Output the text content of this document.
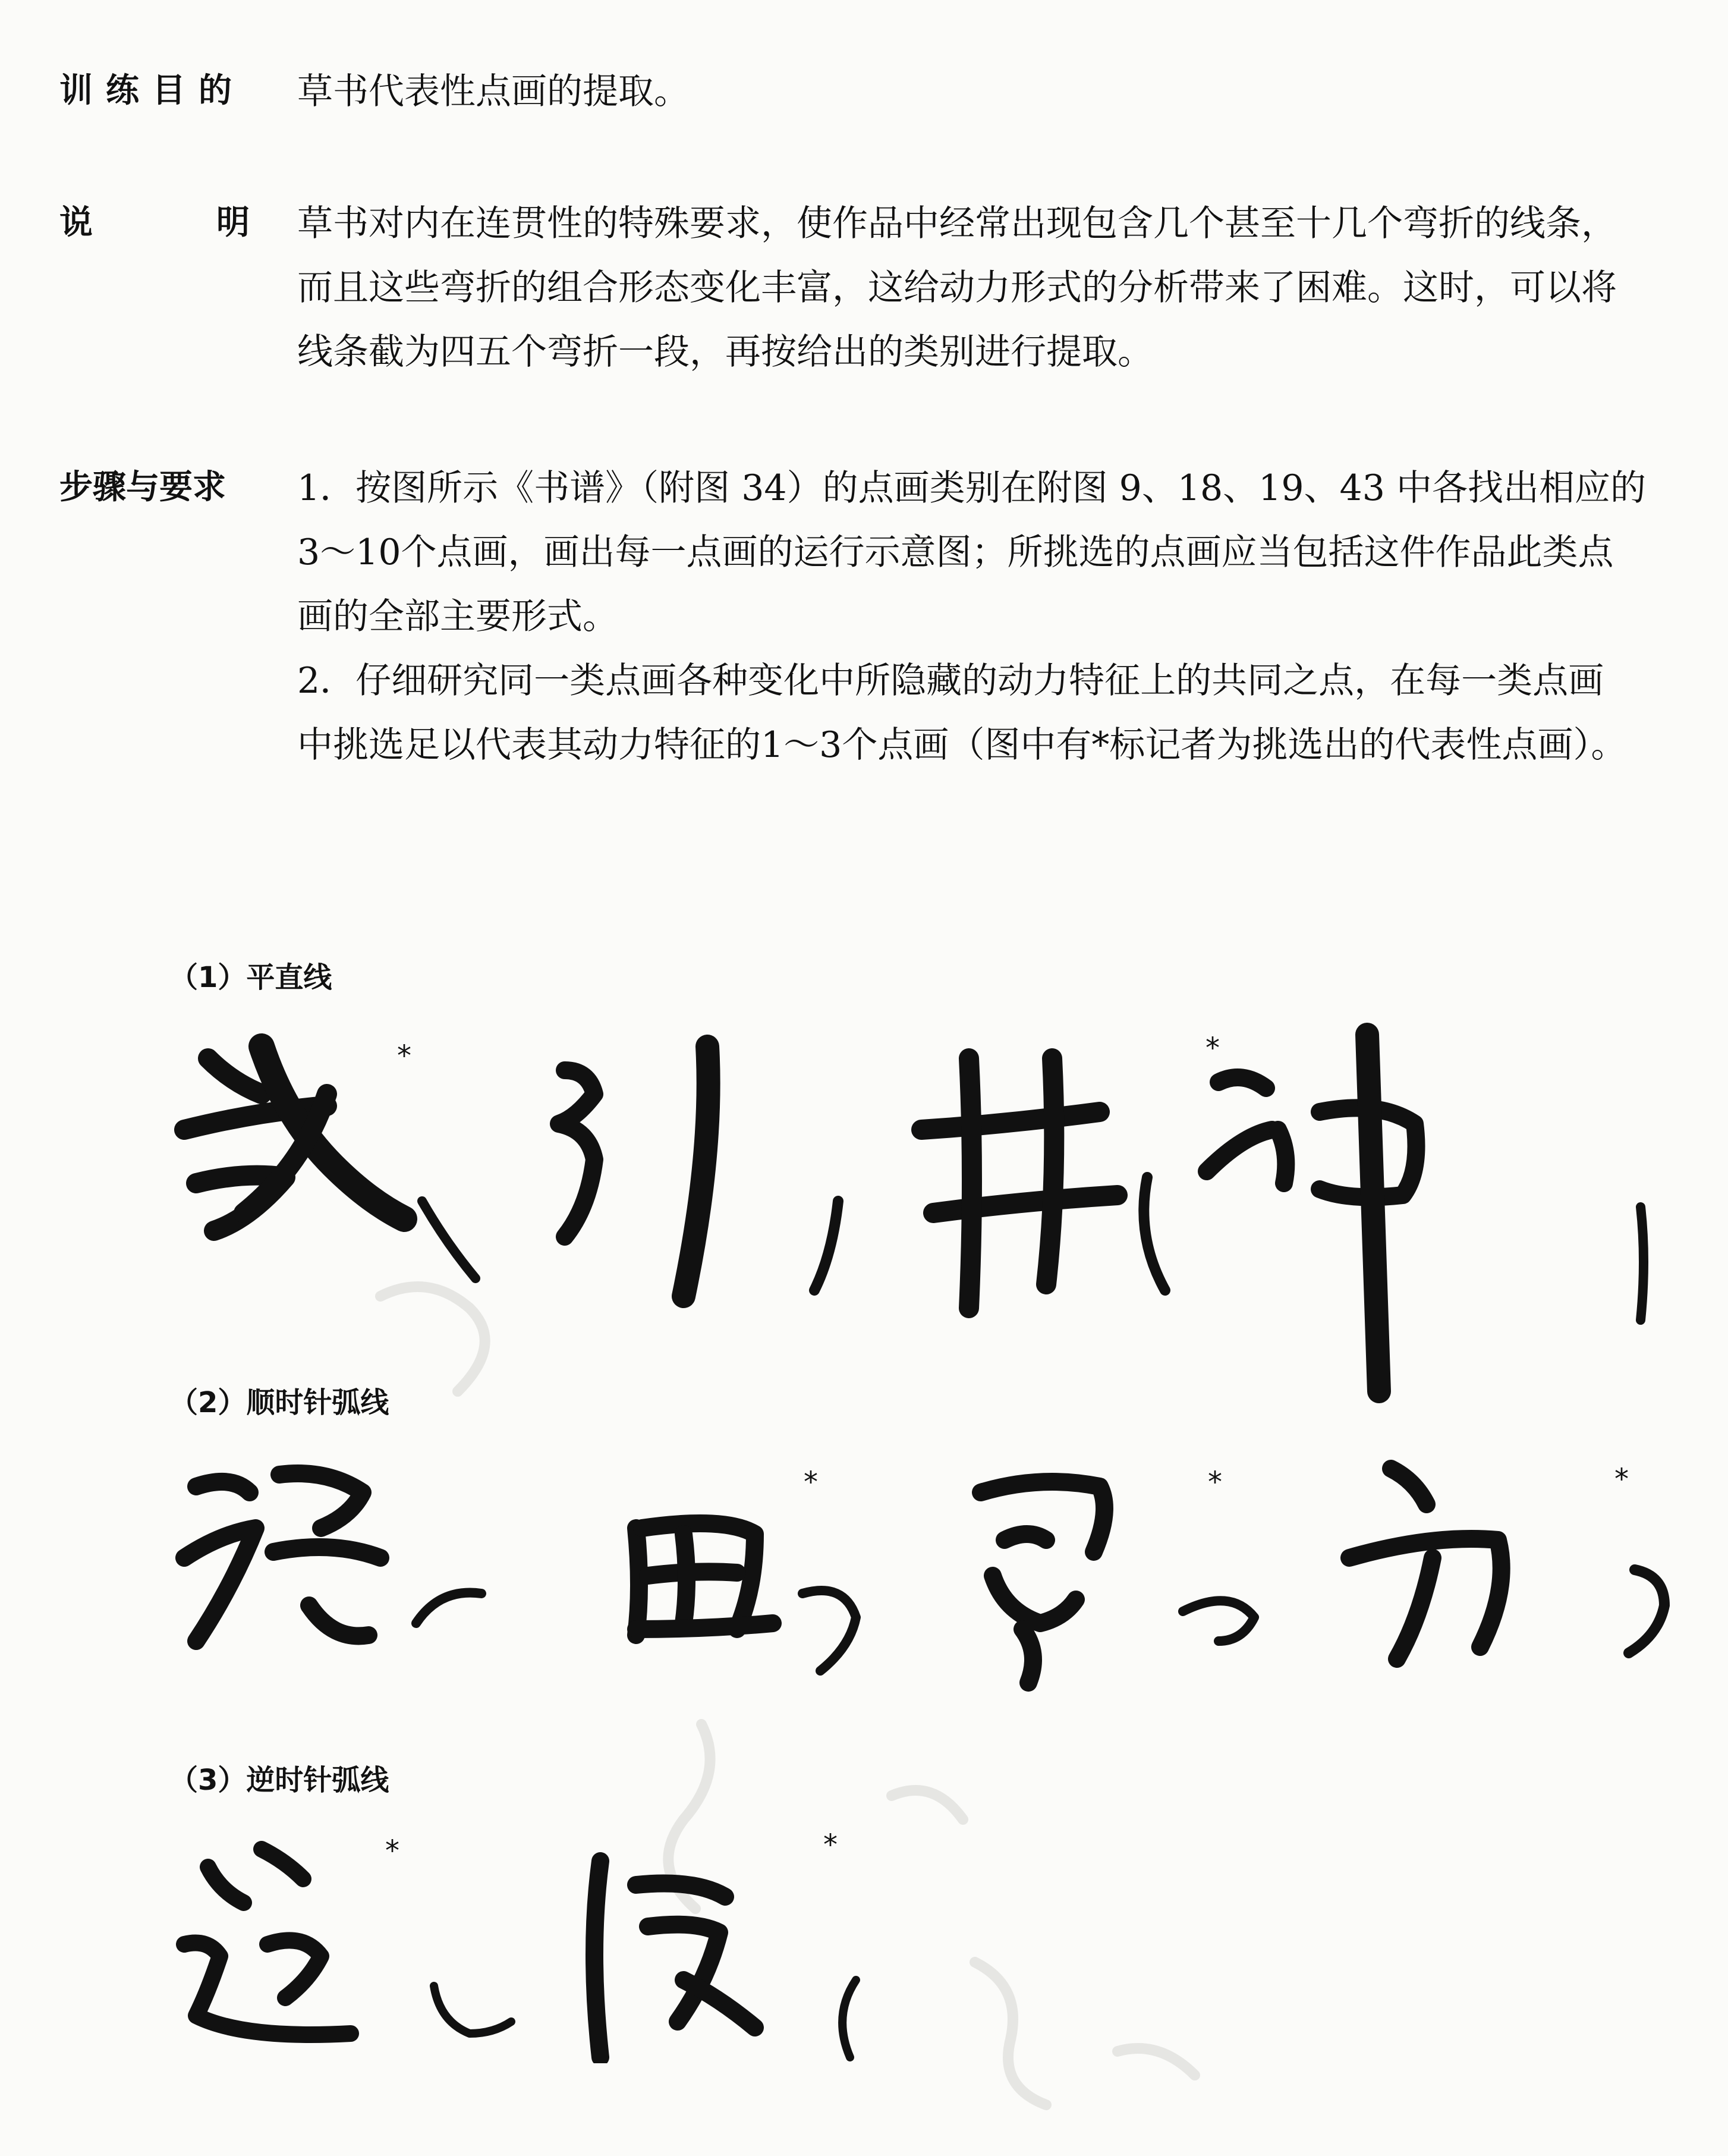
训练目的	草书代表性点画的提取。

说	明 草书对内在连贯性的特殊要求，使作品中经常出现包含几个甚至十几个弯折的线条，

而且这些弯折的组合形态变化丰富，这给动力形式的分析带来了困难。这时，可以将

线条截为四五个弯折一段，再按给出的类别进行提取。

步骤与要求	1．按图所示《书谱》（附图 34）的点画类别在附图 9、18、19、43 中各找出相应的

3～10个点画，画出每一点画的运行示意图；所挑选的点画应当包括这件作品此类点

画的全部主要形式。

2．仔细研究同一类点画各种变化中所隐藏的动力特征上的共同之点，在每一类点画

中挑选足以代表其动力特征的1～3个点画（图中有*标记者为挑选出的代表性点画）。

（1）平直线
*	*
（2）顺时针弧线
*	*	*
（3）逆时针弧线
*	*
